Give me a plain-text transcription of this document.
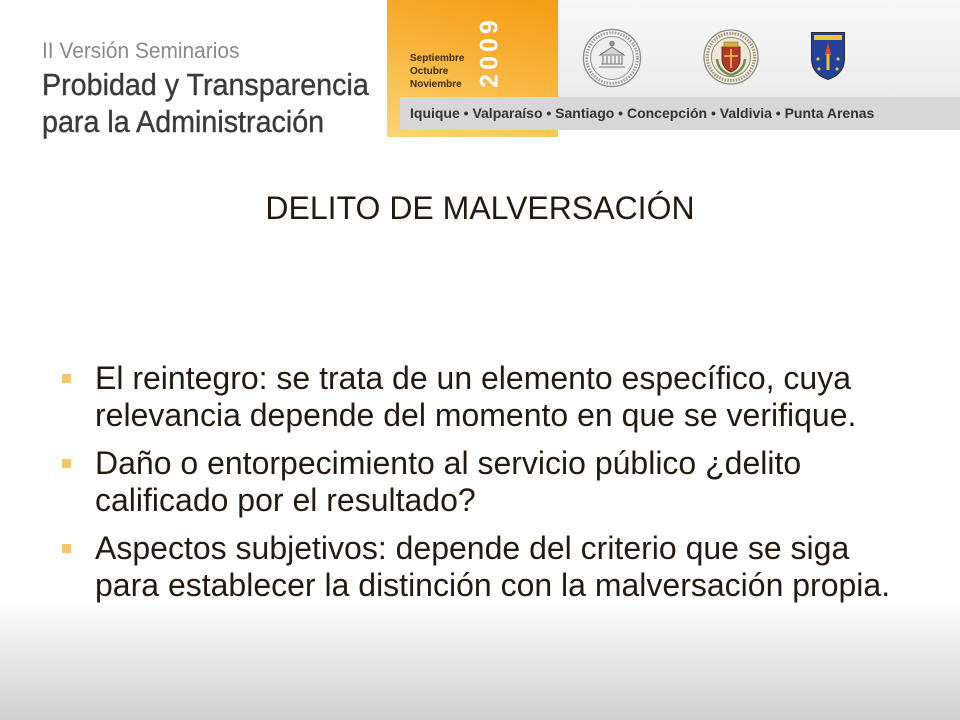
II Versión Seminarios
Probidad y Transparencia
para la Administración
Septiembre
Octubre
Noviembre 2009
Iquique • Valparaíso • Santiago • Concepción • Valdivia • Punta Arenas
DELITO DE MALVERSACIÓN
El reintegro: se trata de un elemento específico, cuya
relevancia depende del momento en que se verifique.
Daño o entorpecimiento al servicio público ¿delito
calificado por el resultado?
Aspectos subjetivos: depende del criterio que se siga
para establecer la distinción con la malversación propia.
